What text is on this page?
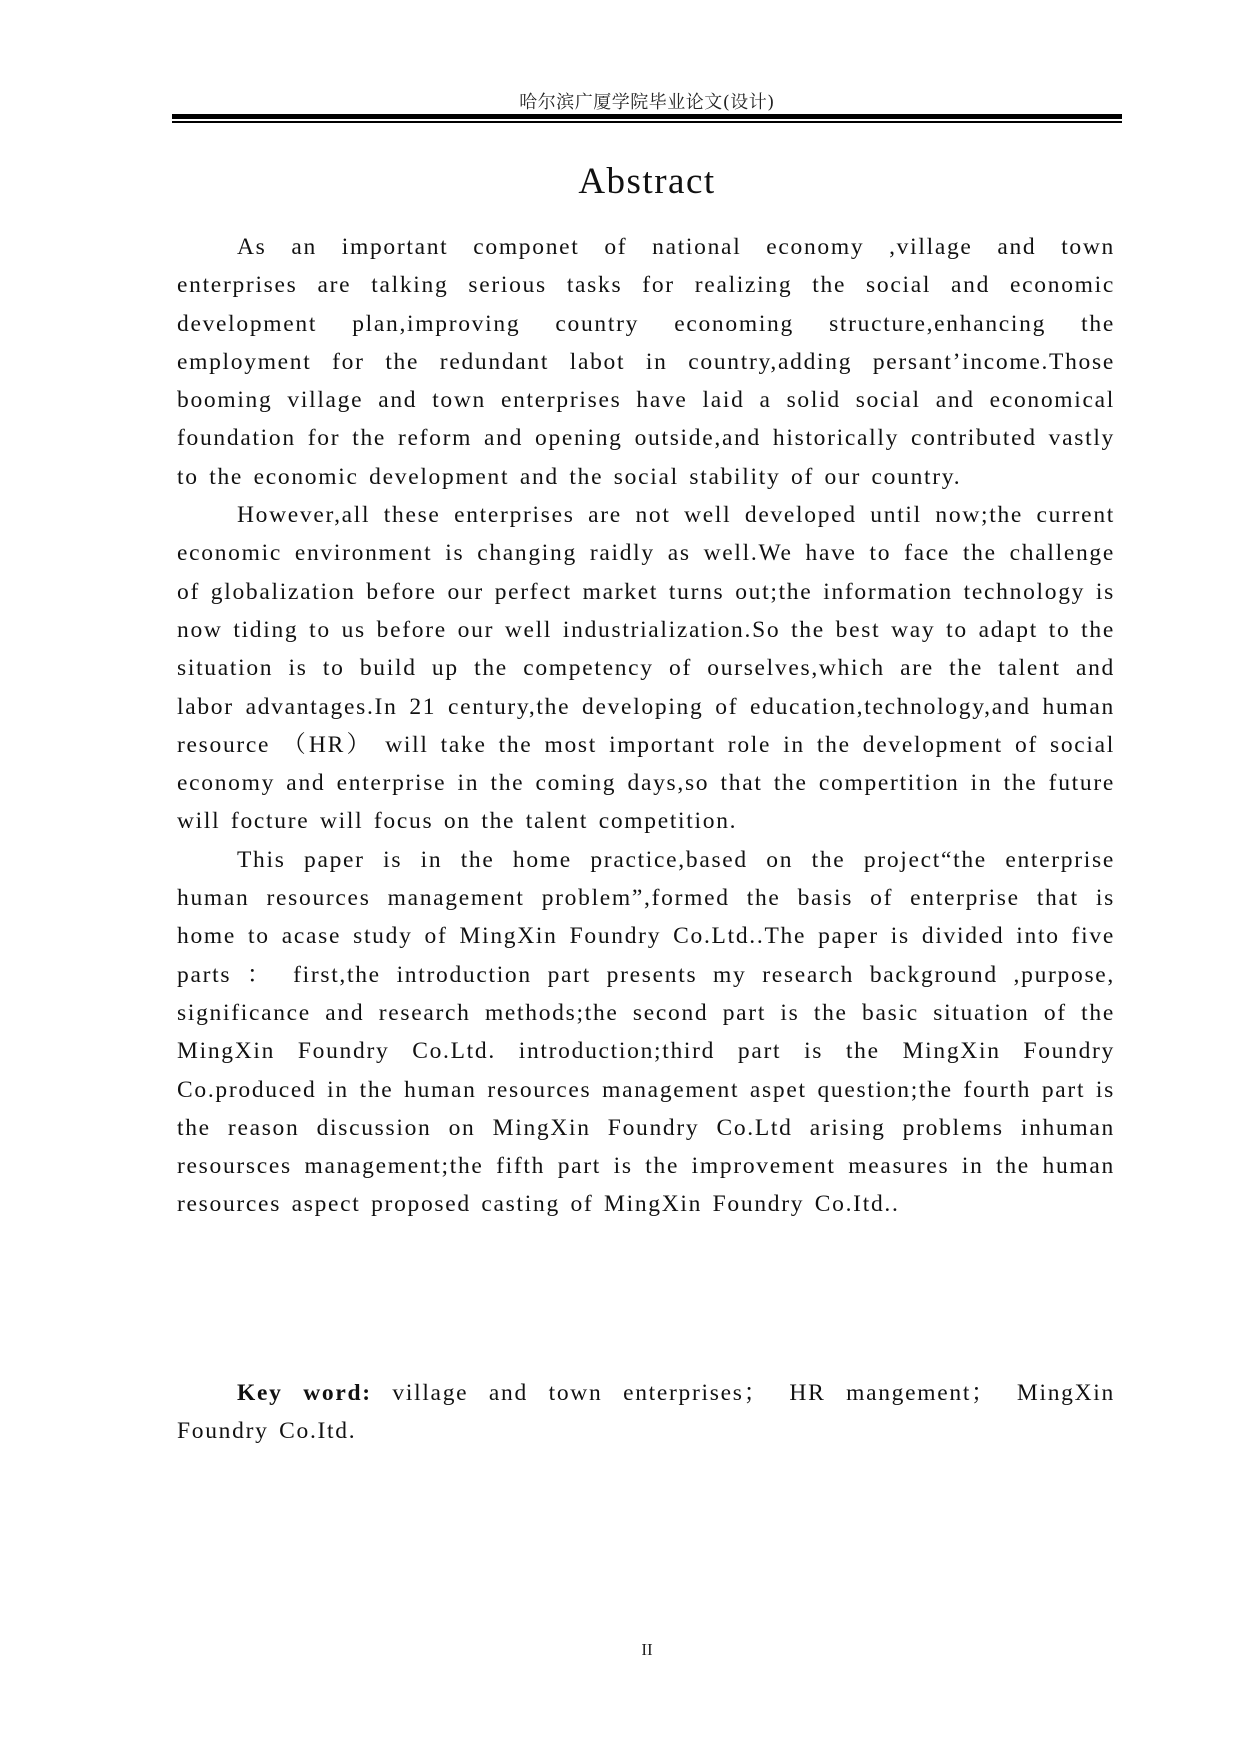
哈尔滨广厦学院毕业论文(设计)
Abstract

As an important componet of national economy ,village and town enterprises are talking serious tasks for realizing the social and economic development plan,improving country economing structure,enhancing the employment for the redundant labot in country,adding persant’income.Those booming village and town enterprises have laid a solid social and economical foundation for the reform and opening outside,and historically contributed vastly to the economic development and the social stability of our country.

However,all these enterprises are not well developed until now;the current economic environment is changing raidly as well.We have to face the challenge of globalization before our perfect market turns out;the information technology is now tiding to us before our well industrialization.So the best way to adapt to the situation is to build up the competency of ourselves,which are the talent and labor advantages.In 21 century,the developing of education,technology,and human resource （HR） will take the most important role in the development of social economy and enterprise in the coming days,so that the compertition in the future will focture will focus on the talent competition.

This paper is in the home practice,based on the project“the enterprise human resources management problem”,formed the basis of enterprise that is home to acase study of MingXin Foundry Co.Ltd..The paper is divided into five parts ： first,the introduction part presents my research background ,purpose, significance and research methods;the second part is the basic situation of the MingXin Foundry Co.Ltd. introduction;third part is the MingXin Foundry Co.produced in the human resources management aspet question;the fourth part is the reason discussion on MingXin Foundry Co.Ltd arising problems inhuman resoursces management;the fifth part is the improvement measures in the human resources aspect proposed casting of MingXin Foundry Co.Itd..

Key word: village and town enterprises； HR mangement； MingXin Foundry Co.Itd.

II
